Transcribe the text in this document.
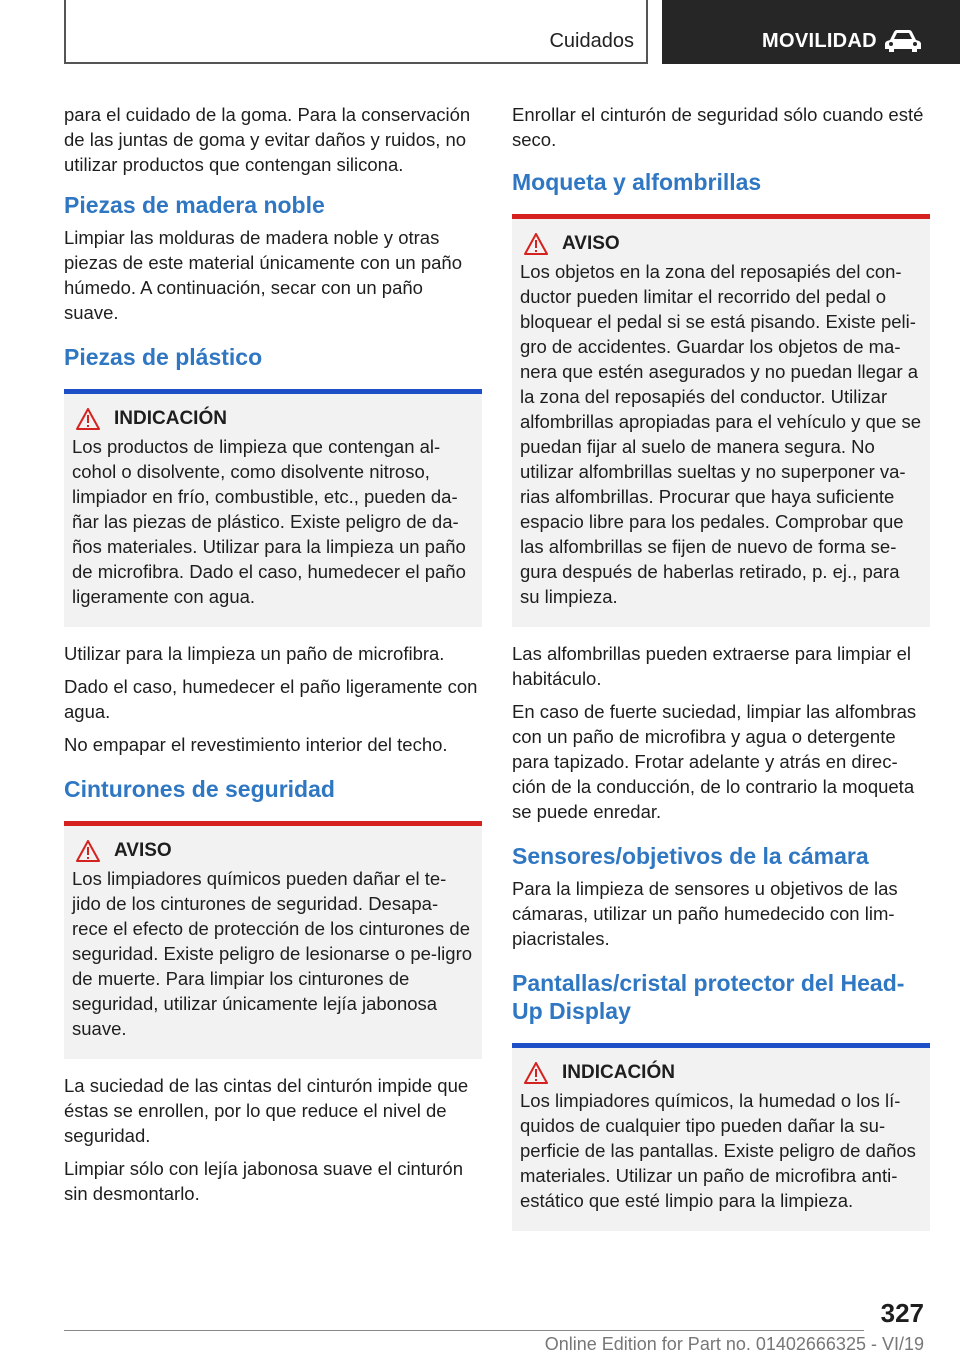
Cuidados	MOVILIDAD

para el cuidado de la goma. Para la conservación de las juntas de goma y evitar daños y ruidos, no utilizar productos que contengan silicona.

Piezas de madera noble

Limpiar las molduras de madera noble y otras piezas de este material únicamente con un paño húmedo. A continuación, secar con un paño suave.

Piezas de plástico
INDICACIÓN

Los productos de limpieza que contengan al-cohol o disolvente, como disolvente nitroso, limpiador en frío, combustible, etc., pueden da-ñar las piezas de plástico. Existe peligro de da-ños materiales. Utilizar para la limpieza un paño de microfibra. Dado el caso, humedecer el paño ligeramente con agua.

Utilizar para la limpieza un paño de microfibra.

Dado el caso, humedecer el paño ligeramente con agua.

No empapar el revestimiento interior del techo.

Cinturones de seguridad
AVISO

Los limpiadores químicos pueden dañar el te-jido de los cinturones de seguridad. Desapa-rece el efecto de protección de los cinturones de seguridad. Existe peligro de lesionarse o pe-ligro de muerte. Para limpiar los cinturones de seguridad, utilizar únicamente lejía jabonosa suave.

La suciedad de las cintas del cinturón impide que éstas se enrollen, por lo que reduce el nivel de seguridad.

Limpiar sólo con lejía jabonosa suave el cinturón sin desmontarlo.

Enrollar el cinturón de seguridad sólo cuando esté seco.

Moqueta y alfombrillas
AVISO

Los objetos en la zona del reposapiés del con-ductor pueden limitar el recorrido del pedal o bloquear el pedal si se está pisando. Existe peli-gro de accidentes. Guardar los objetos de ma-nera que estén asegurados y no puedan llegar a la zona del reposapiés del conductor. Utilizar alfombrillas apropiadas para el vehículo y que se puedan fijar al suelo de manera segura. No utilizar alfombrillas sueltas y no superponer va-rias alfombrillas. Procurar que haya suficiente espacio libre para los pedales. Comprobar que las alfombrillas se fijen de nuevo de forma se-gura después de haberlas retirado, p. ej., para su limpieza.

Las alfombrillas pueden extraerse para limpiar el habitáculo.

En caso de fuerte suciedad, limpiar las alfombras con un paño de microfibra y agua o detergente para tapizado. Frotar adelante y atrás en direc-ción de la conducción, de lo contrario la moqueta se puede enredar.

Sensores/objetivos de la cámara

Para la limpieza de sensores u objetivos de las cámaras, utilizar un paño humedecido con lim-piacristales.

Pantallas/cristal protector del Head-Up Display
INDICACIÓN

Los limpiadores químicos, la humedad o los lí-quidos de cualquier tipo pueden dañar la su-perficie de las pantallas. Existe peligro de daños materiales. Utilizar un paño de microfibra anti-estático que esté limpio para la limpieza.

327
Online Edition for Part no. 01402666325 - VI/19
